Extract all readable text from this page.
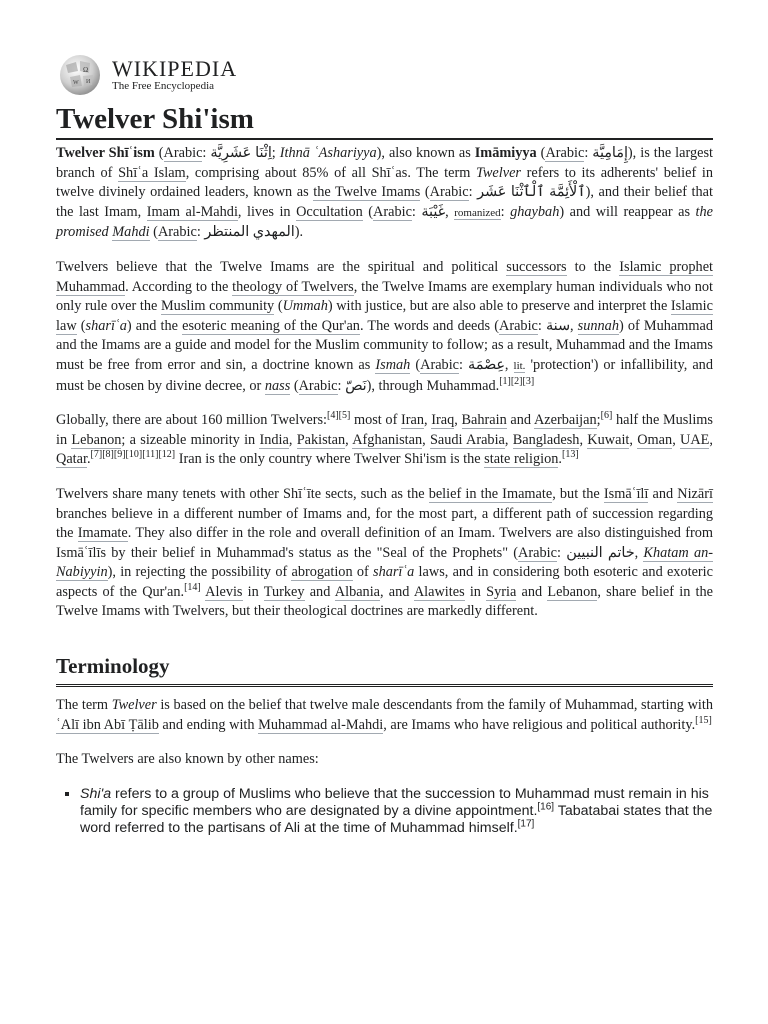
Ω
W И
WIKIPEDIA
The Free Encyclopedia
Twelver Shi'ism

Twelver Shīʿism (Arabic: اِثْنَا عَشَرِيَّة‎; Ithnā ʿAshariyya), also known as Imāmiyya (Arabic: إِمَامِيَّة‎), is the largest branch of Shīʿa Islam, comprising about 85% of all Shīʿas. The term Twelver refers to its adherents' belief in twelve divinely ordained leaders, known as the Twelve Imams (Arabic: ٱلْأَئِمَّة ٱلْٱثْنَا عَشَر‎), and their belief that the last Imam, Imam al-Mahdi, lives in Occultation (Arabic: غَيْبَة‎, romanized: ghaybah) and will reappear as the promised Mahdi (Arabic: المهدي المنتظر‎).

Twelvers believe that the Twelve Imams are the spiritual and political successors to the Islamic prophet Muhammad. According to the theology of Twelvers, the Twelve Imams are exemplary human individuals who not only rule over the Muslim community (Ummah) with justice, but are also able to preserve and interpret the Islamic law (sharīʿa) and the esoteric meaning of the Qur'an. The words and deeds (Arabic: سنة‎, sunnah) of Muhammad and the Imams are a guide and model for the Muslim community to follow; as a result, Muhammad and the Imams must be free from error and sin, a doctrine known as Ismah (Arabic: عِصْمَة‎, lit. 'protection') or infallibility, and must be chosen by divine decree, or nass (Arabic: نَصّ‎), through Muhammad.[1][2][3]

Globally, there are about 160 million Twelvers:[4][5] most of Iran, Iraq, Bahrain and Azerbaijan;[6] half the Muslims in Lebanon; a sizeable minority in India, Pakistan, Afghanistan, Saudi Arabia, Bangladesh, Kuwait, Oman, UAE, Qatar.[7][8][9][10][11][12] Iran is the only country where Twelver Shi'ism is the state religion.[13]

Twelvers share many tenets with other Shīʿīte sects, such as the belief in the Imamate, but the Ismāʿīlī and Nizārī branches believe in a different number of Imams and, for the most part, a different path of succession regarding the Imamate. They also differ in the role and overall definition of an Imam. Twelvers are also distinguished from Ismāʿīlīs by their belief in Muhammad's status as the "Seal of the Prophets" (Arabic: خاتم النبيين‎, Khatam an-Nabiyyin), in rejecting the possibility of abrogation of sharīʿa laws, and in considering both esoteric and exoteric aspects of the Qur'an.[14] Alevis in Turkey and Albania, and Alawites in Syria and Lebanon, share belief in the Twelve Imams with Twelvers, but their theological doctrines are markedly different.

Terminology

The term Twelver is based on the belief that twelve male descendants from the family of Muhammad, starting with ʿAlī ibn Abī Ṭālib and ending with Muhammad al-Mahdi, are Imams who have religious and political authority.[15]

The Twelvers are also known by other names:

▪ Shi'a refers to a group of Muslims who believe that the succession to Muhammad must remain in his family for specific members who are designated by a divine appointment.[16] Tabatabai states that the word referred to the partisans of Ali at the time of Muhammad himself.[17]
